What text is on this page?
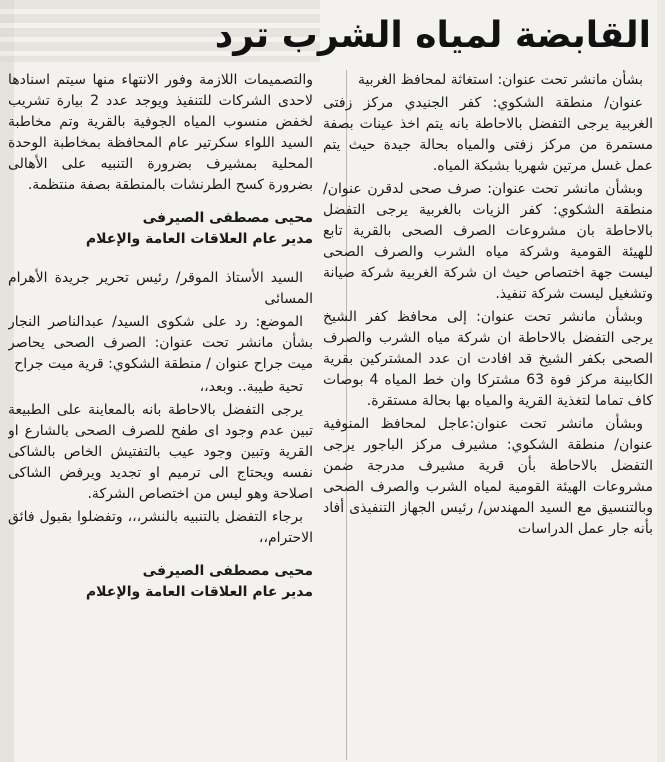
القابضة لمياه الشرب ترد

بشأن مانشر تحت عنوان: استغاثة لمحافظ الغربية

عنوان/ منطقة الشكوي: كفر الجنيدي مركز زفتى الغربية يرجى التفضل بالاحاطة بانه يتم اخذ عينات بصفة مستمرة من مركز زفتى والمياه بحالة جيدة حيث يتم عمل غسل مرتين شهريا بشبكة المياه.

وبشأن مانشر تحت عنوان: صرف صحى لدقرن عنوان/ منطقة الشكوي: كفر الزيات بالغربية يرجى التفضل بالاحاطة بان مشروعات الصرف الصحى بالقرية تابع للهيئة القومية وشركة مياه الشرب والصرف الصحى ليست جهة اختصاص حيث ان شركة الغربية شركة صيانة وتشغيل ليست شركة تنفيذ.

وبشأن مانشر تحت عنوان: إلى محافظ كفر الشيخ يرجى التفضل بالاحاطة ان شركة مياه الشرب والصرف الصحى بكفر الشيخ قد افادت ان عدد المشتركين بقرية الكابينة مركز فوة 63 مشتركا وان خط المياه 4 بوصات كاف تماما لتغذية القرية والمياه بها بحالة مستقرة.

وبشأن مانشر تحت عنوان:عاجل لمحافظ المنوفية عنوان/ منطقة الشكوي: مشيرف مركز الباجور يرجى التفضل بالاحاطة بأن قرية مشيرف مدرجة ضمن مشروعات الهيئة القومية لمياه الشرب والصرف الصحى وبالتنسيق مع السيد المهندس/ رئيس الجهاز التنفيذى أفاد بأنه جار عمل الدراسات

والتصميمات اللازمة وفور الانتهاء منها سيتم اسنادها لاحدى الشركات للتنفيذ ويوجد عدد 2 بيارة تشريب لخفض منسوب المياه الجوفية بالقرية وتم مخاطبة السيد اللواء سكرتير عام المحافظة بمخاطبة الوحدة المحلية بمشيرف بضرورة التنبيه على الأهالى بضرورة كسح الطرنشات بالمنطقة بصفة منتظمة.

محيى مصطفى الصيرفى

مدير عام العلاقات العامة والإعلام

السيد الأستاذ الموقر/ رئيس تحرير جريدة الأهرام المسائى

الموضع: رد على شكوى السيد/ عبدالناصر النجار بشأن مانشر تحت عنوان: الصرف الصحى يحاصر ميت جراح عنوان / منطقة الشكوي: قرية ميت جراح

تحية طيبة.. وبعد،،

يرجى التفضل بالاحاطة بانه بالمعاينة على الطبيعة تبين عدم وجود اى طفح للصرف الصحى بالشارع او القرية وتبين وجود عيب بالتفتيش الخاص بالشاكى نفسه ويحتاج الى ترميم او تجديد ويرفض الشاكى اصلاحة وهو ليس من اختصاص الشركة.

برجاء التفضل بالتنبيه بالنشر،،، وتفضلوا بقبول فائق الاحترام،،

محيى مصطفى الصيرفى

مدير عام العلاقات العامة والإعلام
